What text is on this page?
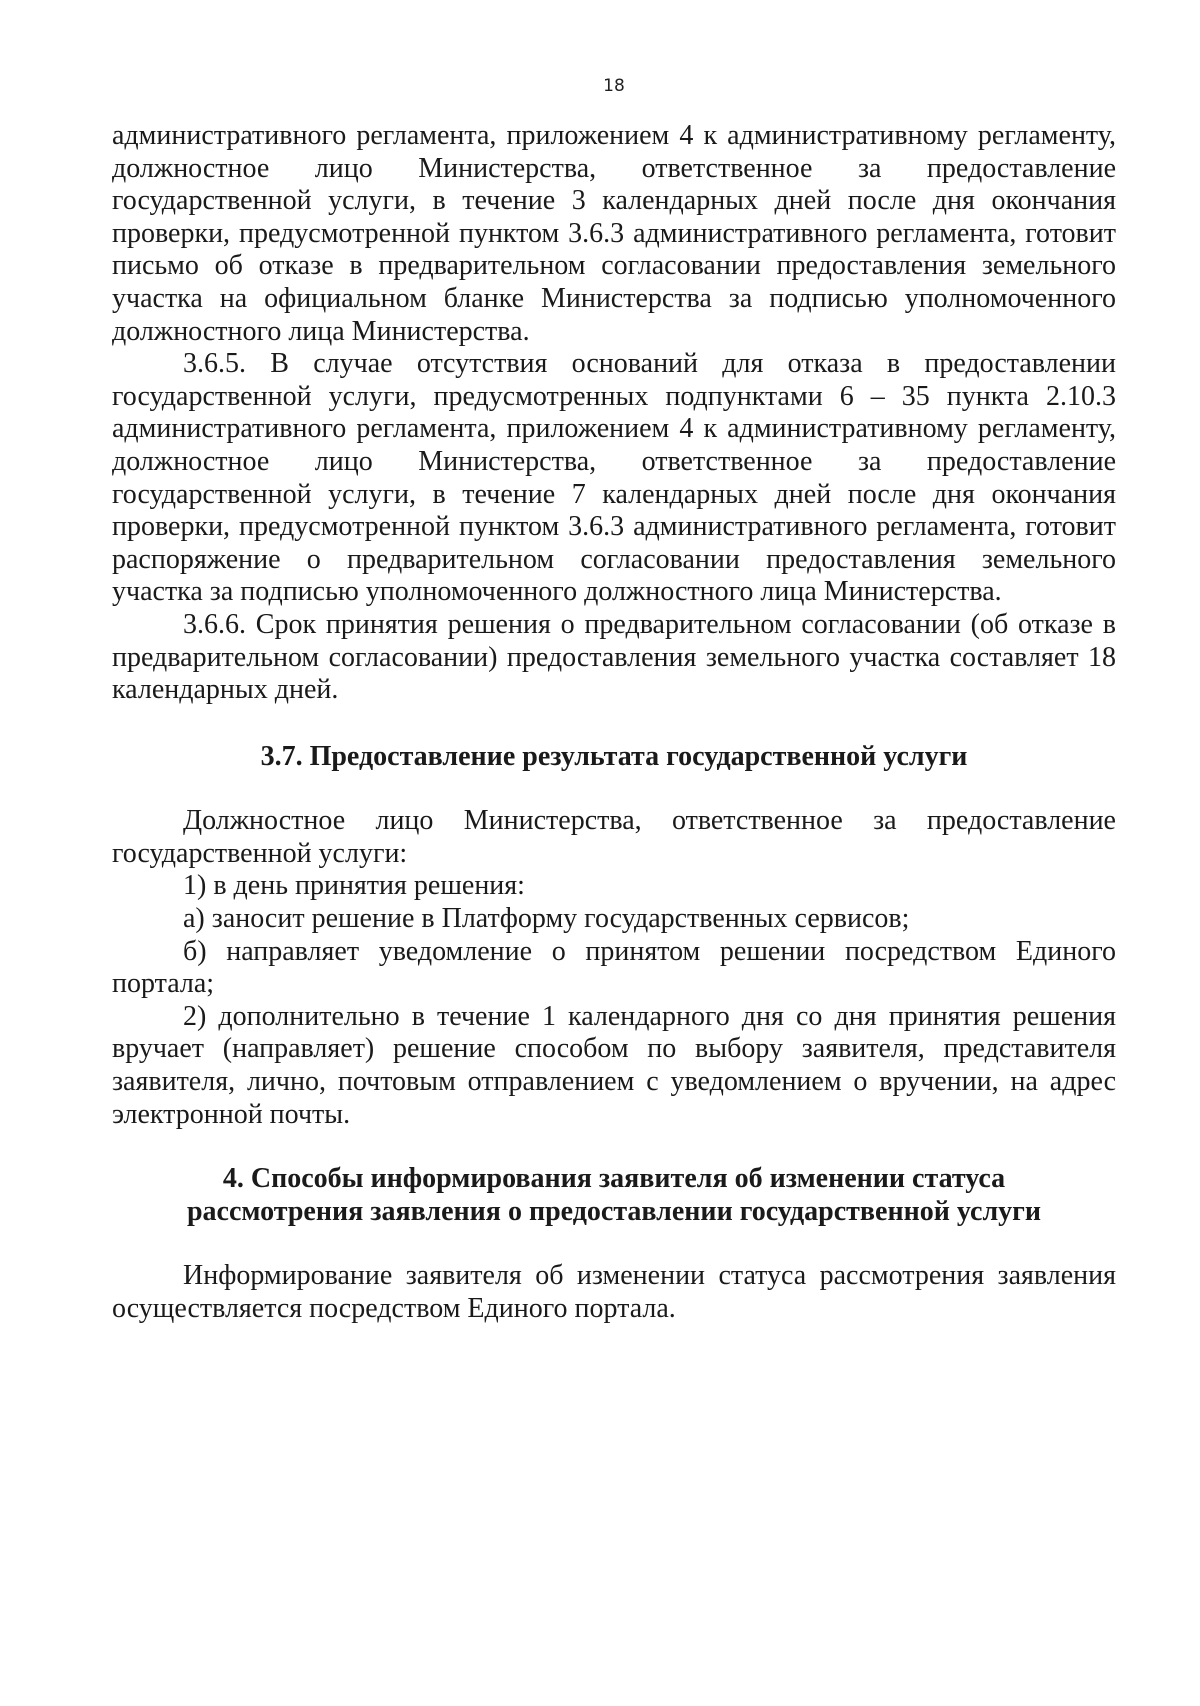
18

административного регламента, приложением 4 к административному регламенту, должностное лицо Министерства, ответственное за предоставление государственной услуги, в течение 3 календарных дней после дня окончания проверки, предусмотренной пунктом 3.6.3 административного регламента, готовит письмо об отказе в предварительном согласовании предоставления земельного участка на официальном бланке Министерства за подписью уполномоченного должностного лица Министерства.

3.6.5. В случае отсутствия оснований для отказа в предоставлении государственной услуги, предусмотренных подпунктами 6 – 35 пункта 2.10.3 административного регламента, приложением 4 к административному регламенту, должностное лицо Министерства, ответственное за предоставление государственной услуги, в течение 7 календарных дней после дня окончания проверки, предусмотренной пунктом 3.6.3 административного регламента, готовит распоряжение о предварительном согласовании предоставления земельного участка за подписью уполномоченного должностного лица Министерства.

3.6.6. Срок принятия решения о предварительном согласовании (об отказе в предварительном согласовании) предоставления земельного участка составляет 18 календарных дней.

3.7. Предоставление результата государственной услуги

Должностное лицо Министерства, ответственное за предоставление государственной услуги:

1) в день принятия решения:

а) заносит решение в Платформу государственных сервисов;

б) направляет уведомление о принятом решении посредством Единого портала;

2) дополнительно в течение 1 календарного дня со дня принятия решения вручает (направляет) решение способом по выбору заявителя, представителя заявителя, лично, почтовым отправлением с уведомлением о вручении, на адрес электронной почты.

4. Способы информирования заявителя об изменении статуса
рассмотрения заявления о предоставлении государственной услуги

Информирование заявителя об изменении статуса рассмотрения заявления осуществляется посредством Единого портала.
